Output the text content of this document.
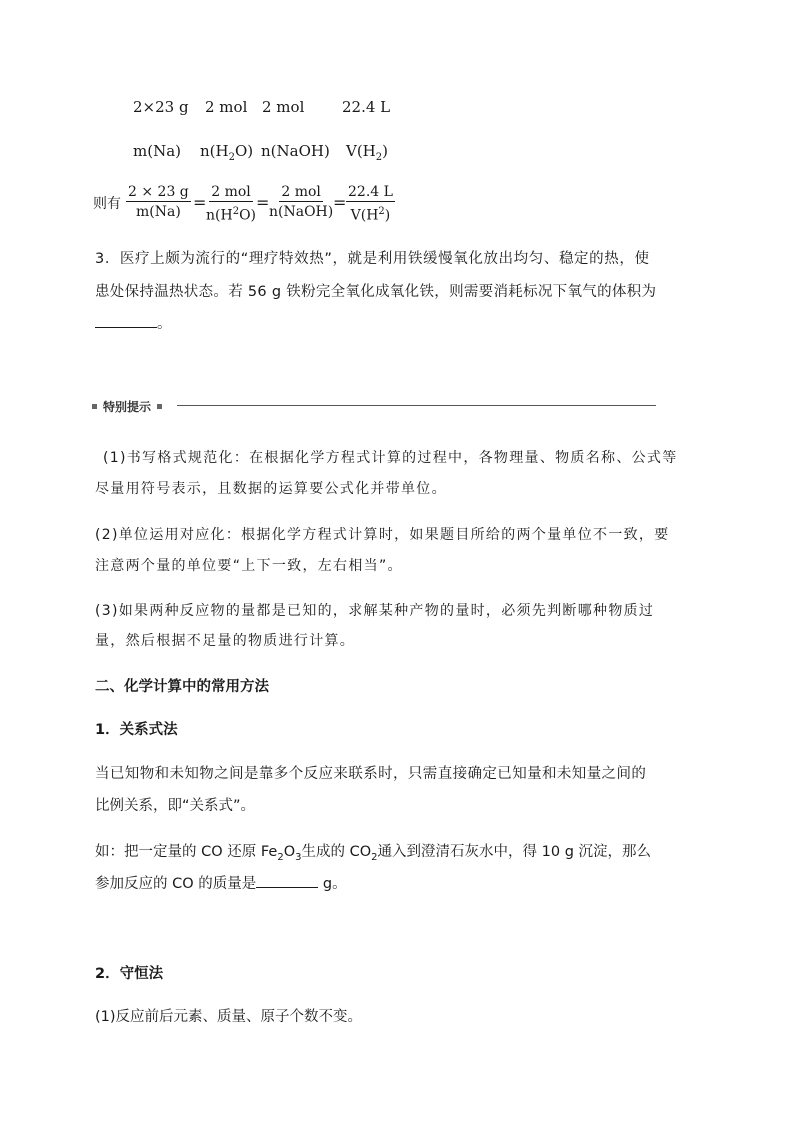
2×23 g 2 mol 2 mol	22.4 L
m(Na) $n(H_2O)$ n(NaOH) $V(H_2)$
则有 $\frac{2 \times 23 g}{m(Na)}$ =
2 mol
$n(H^2O)$
=
2 mol
n(NaOH) = $\frac{22.4 L}{V(H^2)}$
3．医疗上颇为流行的“理疗特效热”，就是利用铁缓慢氧化放出均匀、稳定的热，使
患处保持温热状态。若 56 g 铁粉完全氧化成氧化铁，则需要消耗标况下氧气的体积为
。
特别提示
(1)书写格式规范化：在根据化学方程式计算的过程中，各物理量、物质名称、公式等
尽量用符号表示，且数据的运算要公式化并带单位。
(2)单位运用对应化：根据化学方程式计算时，如果题目所给的两个量单位不一致，要
注意两个量的单位要“上下一致，左右相当”。
(3)如果两种反应物的量都是已知的，求解某种产物的量时，必须先判断哪种物质过
量，然后根据不足量的物质进行计算。
二、化学计算中的常用方法
1．关系式法
当已知物和未知物之间是靠多个反应来联系时，只需直接确定已知量和未知量之间的
比例关系，即“关系式”。
如：把一定量的 CO 还原 $Fe_2O_3$生成的 $CO_2$通入到澄清石灰水中，得 10 g 沉淀，那么
参加反应的 CO 的质量是	g。
2．守恒法
(1)反应前后元素、质量、原子个数不变。
